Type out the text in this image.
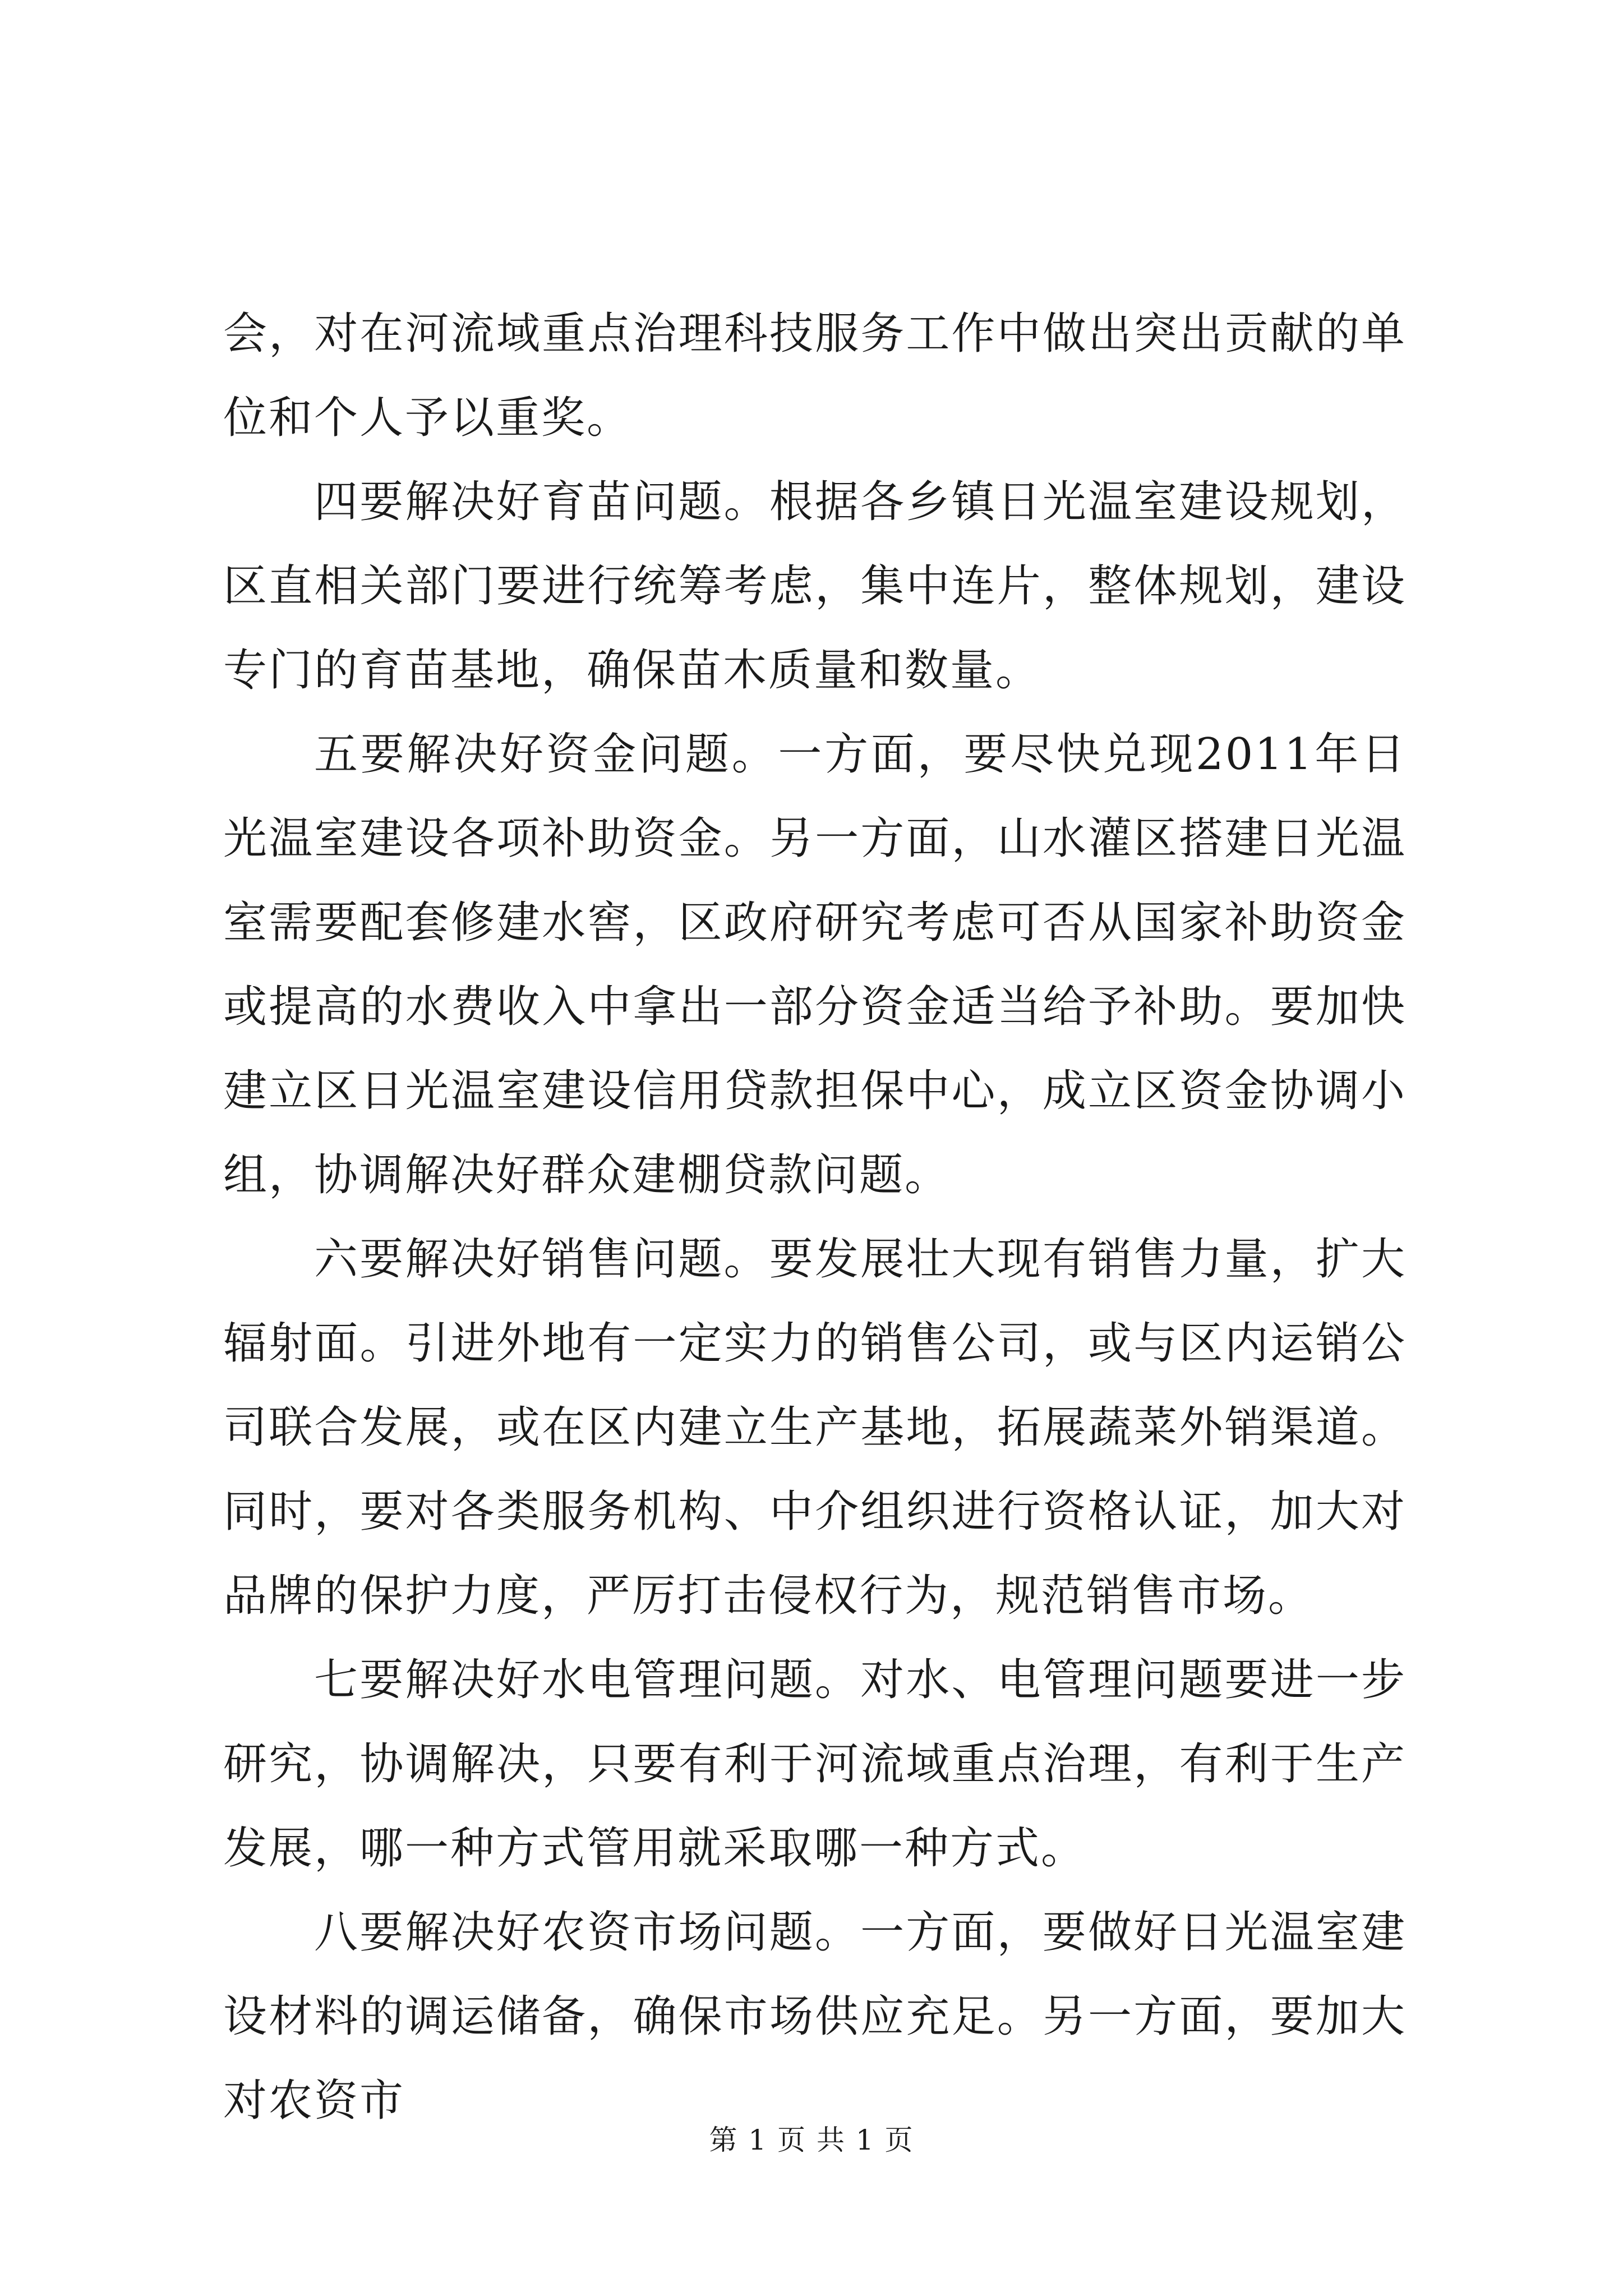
会，对在河流域重点治理科技服务工作中做出突出贡献的单位和个人予以重奖。

四要解决好育苗问题。根据各乡镇日光温室建设规划，区直相关部门要进行统筹考虑，集中连片，整体规划，建设专门的育苗基地，确保苗木质量和数量。

五要解决好资金问题。一方面，要尽快兑现2011年日光温室建设各项补助资金。另一方面，山水灌区搭建日光温室需要配套修建水窖，区政府研究考虑可否从国家补助资金或提高的水费收入中拿出一部分资金适当给予补助。要加快建立区日光温室建设信用贷款担保中心，成立区资金协调小组，协调解决好群众建棚贷款问题。

六要解决好销售问题。要发展壮大现有销售力量，扩大辐射面。引进外地有一定实力的销售公司，或与区内运销公司联合发展，或在区内建立生产基地，拓展蔬菜外销渠道。同时，要对各类服务机构、中介组织进行资格认证，加大对品牌的保护力度，严厉打击侵权行为，规范销售市场。

七要解决好水电管理问题。对水、电管理问题要进一步研究，协调解决，只要有利于河流域重点治理，有利于生产发展，哪一种方式管用就采取哪一种方式。

八要解决好农资市场问题。一方面，要做好日光温室建设材料的调运储备，确保市场供应充足。另一方面，要加大对农资市

第 1 页 共 1 页
